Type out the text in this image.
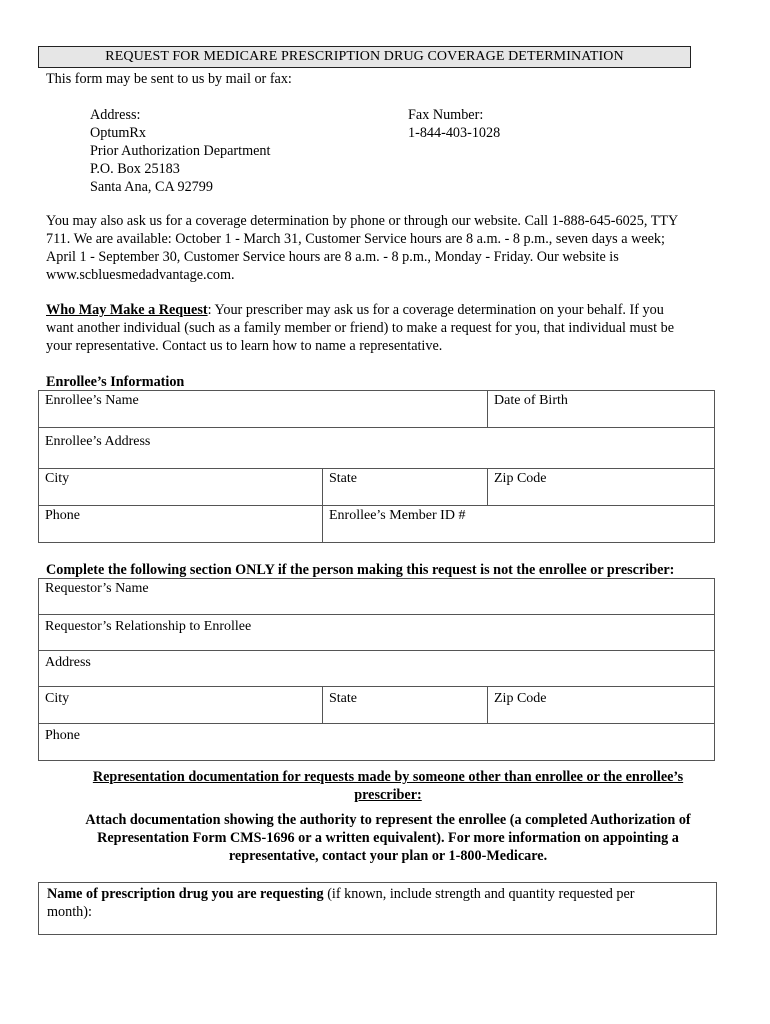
REQUEST FOR MEDICARE PRESCRIPTION DRUG COVERAGE DETERMINATION
This form may be sent to us by mail or fax:
Address:
OptumRx
Prior Authorization Department
P.O. Box 25183
Santa Ana, CA 92799
Fax Number:
1-844-403-1028
You may also ask us for a coverage determination by phone or through our website. Call 1-888-645-6025, TTY
711. We are available: October 1 - March 31, Customer Service hours are 8 a.m. - 8 p.m., seven days a week;
April 1 - September 30, Customer Service hours are 8 a.m. - 8 p.m., Monday - Friday. Our website is
www.scbluesmedadvantage.com.
Who May Make a Request: Your prescriber may ask us for a coverage determination on your behalf. If you
want another individual (such as a family member or friend) to make a request for you, that individual must be
your representative. Contact us to learn how to name a representative.
Enrollee’s Information
Enrollee’s Name		Date of Birth
Enrollee’s Address		
City	State	Zip Code
Phone	Enrollee’s Member ID #	
Complete the following section ONLY if the person making this request is not the enrollee or prescriber:
Requestor’s Name
Requestor’s Relationship to Enrollee
Address
City	State	Zip Code
Phone
Representation documentation for requests made by someone other than enrollee or the enrollee’s
prescriber:
Attach documentation showing the authority to represent the enrollee (a completed Authorization of
Representation Form CMS-1696 or a written equivalent). For more information on appointing a
representative, contact your plan or 1-800-Medicare.
Name of prescription drug you are requesting (if known, include strength and quantity requested per
month):
